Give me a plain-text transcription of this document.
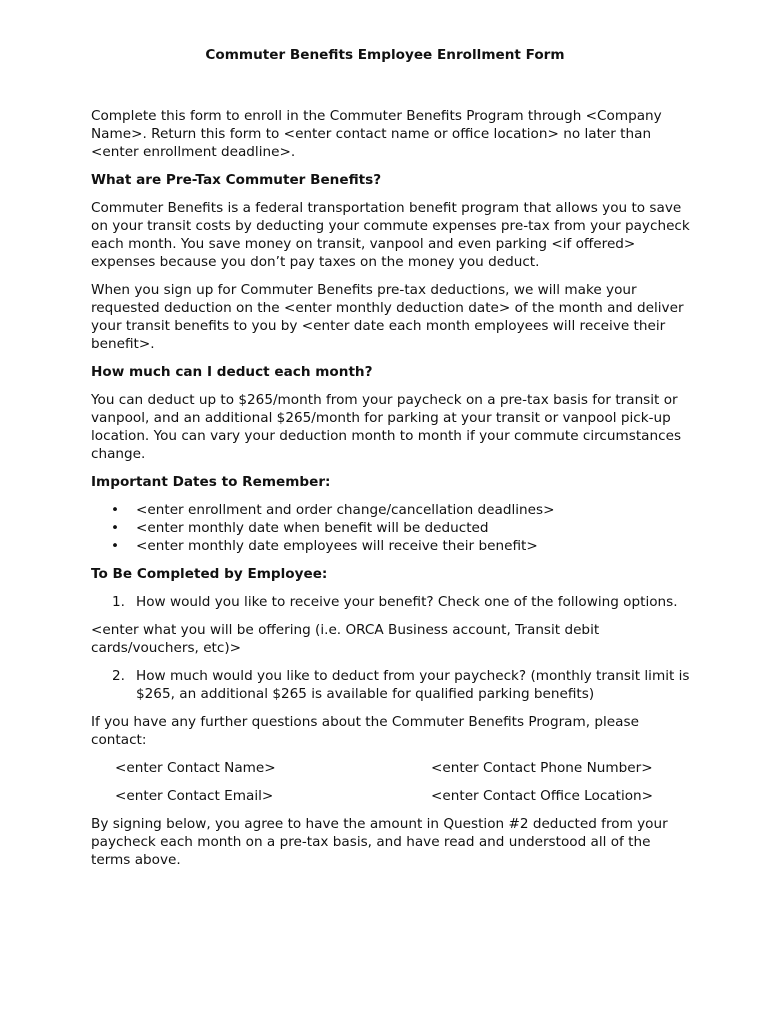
Commuter Benefits Employee Enrollment Form

Complete this form to enroll in the Commuter Benefits Program through <Company Name>. Return this form to <enter contact name or office location> no later than <enter enrollment deadline>.

What are Pre-Tax Commuter Benefits?

Commuter Benefits is a federal transportation benefit program that allows you to save on your transit costs by deducting your commute expenses pre-tax from your paycheck each month. You save money on transit, vanpool and even parking <if offered> expenses because you don’t pay taxes on the money you deduct.

When you sign up for Commuter Benefits pre-tax deductions, we will make your requested deduction on the <enter monthly deduction date> of the month and deliver your transit benefits to you by <enter date each month employees will receive their benefit>.

How much can I deduct each month?

You can deduct up to $265/month from your paycheck on a pre-tax basis for transit or vanpool, and an additional $265/month for parking at your transit or vanpool pick-up location. You can vary your deduction month to month if your commute circumstances change.

Important Dates to Remember:
• <enter enrollment and order change/cancellation deadlines>
• <enter monthly date when benefit will be deducted
• <enter monthly date employees will receive their benefit>
To Be Completed by Employee:
1. How would you like to receive your benefit? Check one of the following options.

<enter what you will be offering (i.e. ORCA Business account, Transit debit cards/vouchers, etc)>

2. How much would you like to deduct from your paycheck? (monthly transit limit is $265, an additional $265 is available for qualified parking benefits)

If you have any further questions about the Commuter Benefits Program, please contact:

<enter Contact Name>	<enter Contact Phone Number>
<enter Contact Email>	<enter Contact Office Location>

By signing below, you agree to have the amount in Question #2 deducted from your paycheck each month on a pre-tax basis, and have read and understood all of the terms above.
